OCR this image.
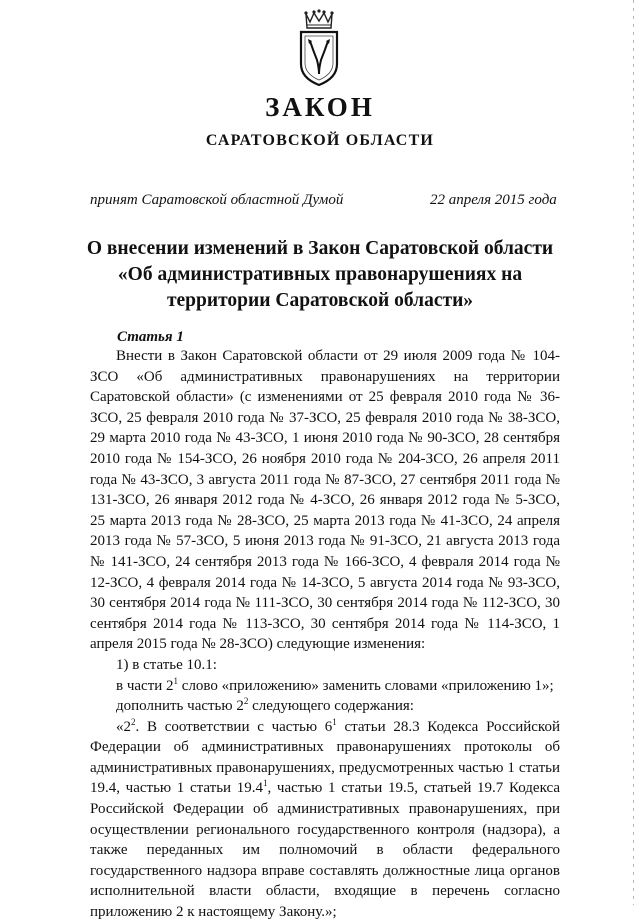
ЗАКОН
САРАТОВСКОЙ ОБЛАСТИ
принят Саратовской областной Думой	22 апреля 2015 года
О внесении изменений в Закон Саратовской области
«Об административных правонарушениях на
территории Саратовской области»
Статья 1

Внести в Закон Саратовской области от 29 июля 2009 года № 104-ЗСО «Об административных правонарушениях на территории Саратовской области» (с изменениями от 25 февраля 2010 года № 36-ЗСО, 25 февраля 2010 года № 37-ЗСО, 25 февраля 2010 года № 38-ЗСО, 29 марта 2010 года № 43-ЗСО, 1 июня 2010 года № 90-ЗСО, 28 сентября 2010 года № 154-ЗСО, 26 ноября 2010 года № 204-ЗСО, 26 апреля 2011 года № 43-ЗСО, 3 августа 2011 года № 87-ЗСО, 27 сентября 2011 года № 131-ЗСО, 26 января 2012 года № 4-ЗСО, 26 января 2012 года № 5-ЗСО, 25 марта 2013 года № 28-ЗСО, 25 марта 2013 года № 41-ЗСО, 24 апреля 2013 года № 57-ЗСО, 5 июня 2013 года № 91-ЗСО, 21 августа 2013 года № 141-ЗСО, 24 сентября 2013 года № 166-ЗСО, 4 февраля 2014 года № 12-ЗСО, 4 февраля 2014 года № 14-ЗСО, 5 августа 2014 года № 93-ЗСО, 30 сентября 2014 года № 111-ЗСО, 30 сентября 2014 года № 112-ЗСО, 30 сентября 2014 года № 113-ЗСО, 30 сентября 2014 года № 114-ЗСО, 1 апреля 2015 года № 28-ЗСО) следующие изменения:

1) в статье 10.1:

в части $2^1$ слово «приложению» заменить словами «приложению 1»;

дополнить частью $2^2$ следующего содержания:

«$2^2$. В соответствии с частью $6^1$ статьи 28.3 Кодекса Российской Федерации об административных правонарушениях протоколы об административных правонарушениях, предусмотренных частью 1 статьи 19.4, частью 1 статьи 19.4$^1$, частью 1 статьи 19.5, статьей 19.7 Кодекса Российской Федерации об административных правонарушениях, при осуществлении регионального государственного контроля (надзора), а также переданных им полномочий в области федерального государственного надзора вправе составлять должностные лица органов исполнительной власти области, входящие в перечень согласно приложению 2 к настоящему Закону.»;
